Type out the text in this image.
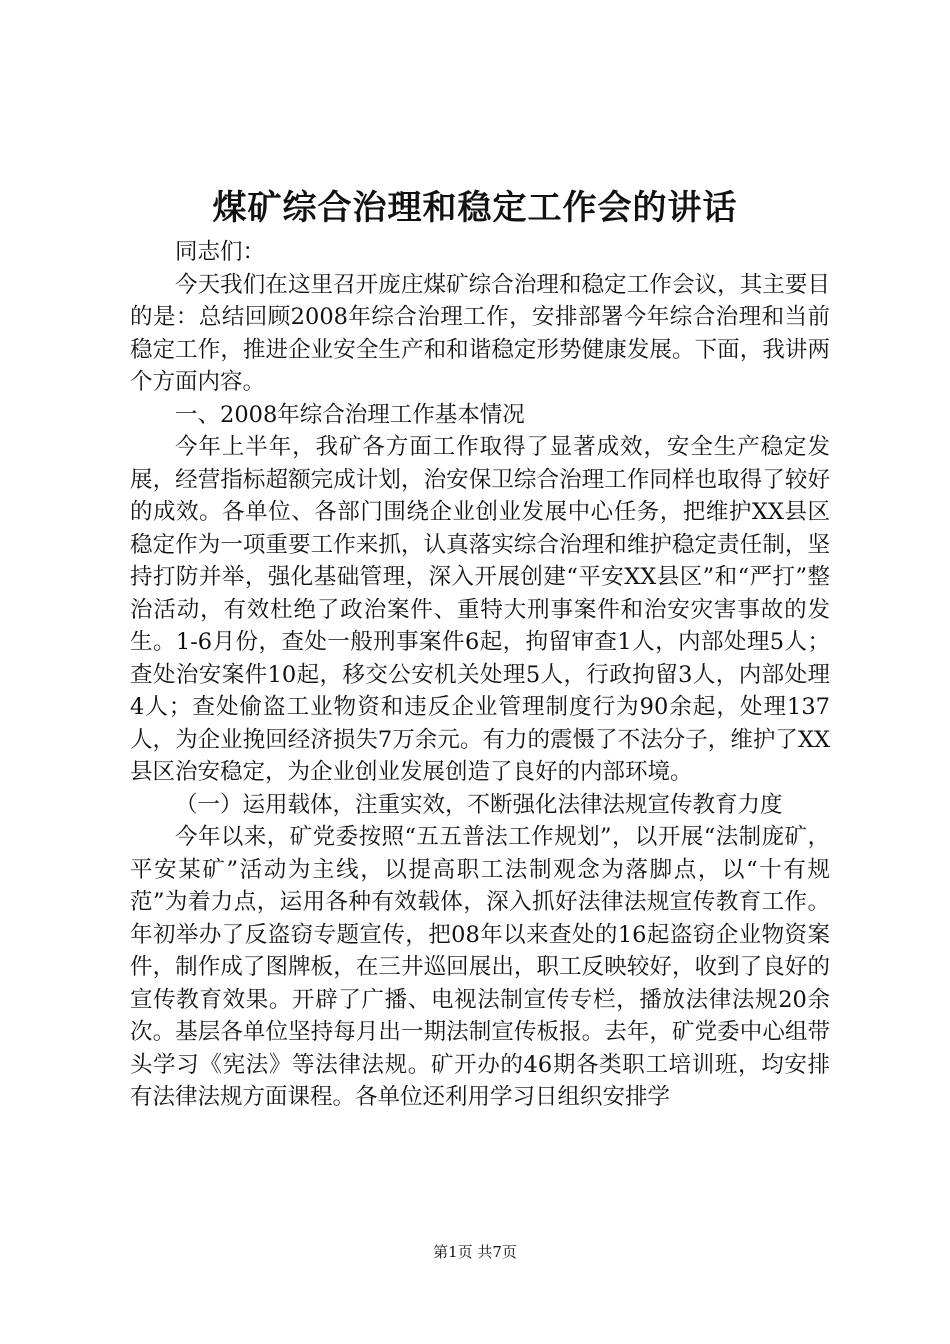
煤矿综合治理和稳定工作会的讲话

同志们：

今天我们在这里召开庞庄煤矿综合治理和稳定工作会议，其主要目的是：总结回顾2008年综合治理工作，安排部署今年综合治理和当前稳定工作，推进企业安全生产和和谐稳定形势健康发展。下面，我讲两个方面内容。

一、2008年综合治理工作基本情况

今年上半年，我矿各方面工作取得了显著成效，安全生产稳定发展，经营指标超额完成计划，治安保卫综合治理工作同样也取得了较好的成效。各单位、各部门围绕企业创业发展中心任务，把维护XX县区稳定作为一项重要工作来抓，认真落实综合治理和维护稳定责任制，坚持打防并举，强化基础管理，深入开展创建“平安XX县区”和“严打”整治活动，有效杜绝了政治案件、重特大刑事案件和治安灾害事故的发生。1-6月份，查处一般刑事案件6起，拘留审查1人，内部处理5人；查处治安案件10起，移交公安机关处理5人，行政拘留3人，内部处理4人；查处偷盗工业物资和违反企业管理制度行为90余起，处理137人，为企业挽回经济损失7万余元。有力的震慑了不法分子，维护了XX县区治安稳定，为企业创业发展创造了良好的内部环境。

（一）运用载体，注重实效，不断强化法律法规宣传教育力度

今年以来，矿党委按照“五五普法工作规划”，以开展“法制庞矿，平安某矿”活动为主线，以提高职工法制观念为落脚点，以“十有规范”为着力点，运用各种有效载体，深入抓好法律法规宣传教育工作。年初举办了反盗窃专题宣传，把08年以来查处的16起盗窃企业物资案件，制作成了图牌板，在三井巡回展出，职工反映较好，收到了良好的宣传教育效果。开辟了广播、电视法制宣传专栏，播放法律法规20余次。基层各单位坚持每月出一期法制宣传板报。去年，矿党委中心组带头学习《宪法》等法律法规。矿开办的46期各类职工培训班，均安排有法律法规方面课程。各单位还利用学习日组织安排学

第1页 共7页
